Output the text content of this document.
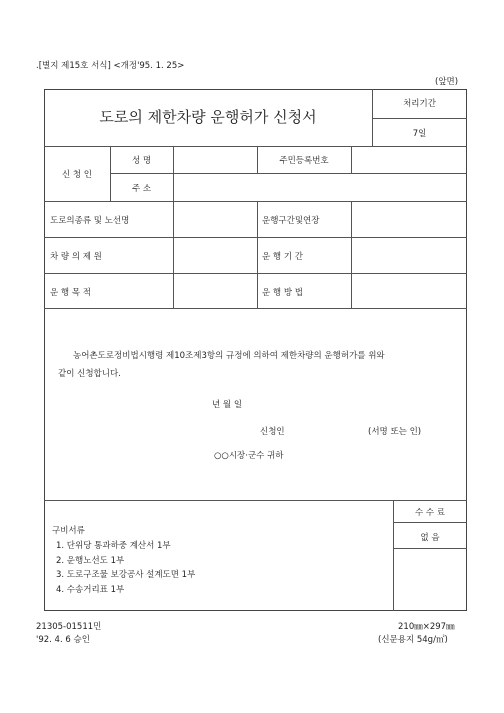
.[별지 제15호 서식] <개정'95. 1. 25>
(앞면)
도로의 제한차량 운행허가 신청서
처리기간
7일
신 청 인
성 명	주민등록번호
주 소
도로의종류 및 노선명	운행구간및연장
차 량 의 제 원	운 행 기 간
운 행 목 적	운 행 방 법
농어촌도로정비법시행령 제10조제3항의 규정에 의하여 제한차량의 운행허가를 위와
같이 신청합니다.
년 월 일
신청인	(서명 또는 인)
○○시장·군수 귀하
수 수 료
없 음
구비서류
1. 단위당 통과하중 계산서 1부
2. 운행노선도 1부
3. 도로구조물 보강공사 설계도면 1부
4. 수송거리표 1부
21305-01511민
'92. 4. 6 승인
210㎜×297㎜
(신문용지 54g/㎡)
